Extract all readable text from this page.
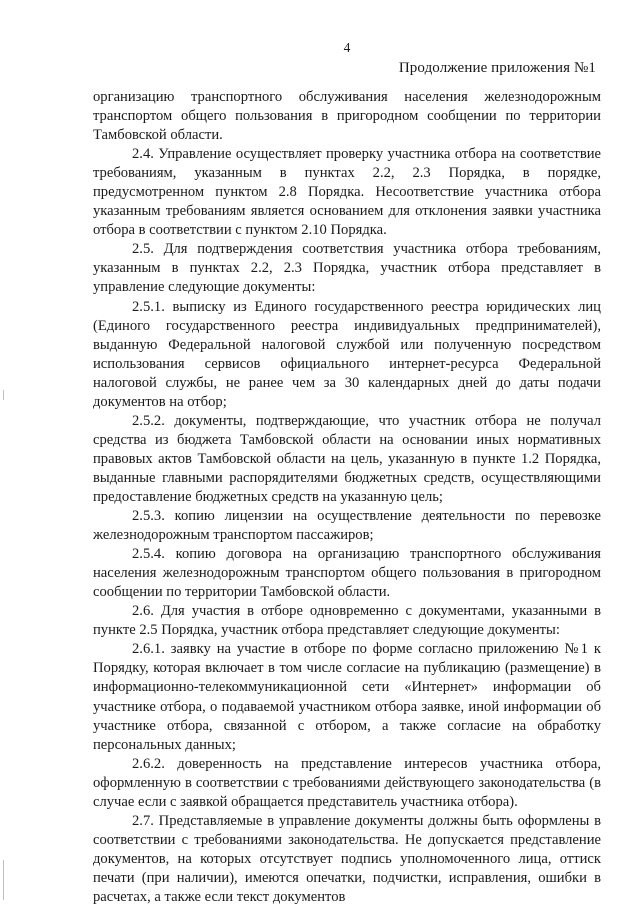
4
Продолжение приложения №1

организацию транспортного обслуживания населения железнодорожным транспортом общего пользования в пригородном сообщении по территории Тамбовской области.

2.4. Управление осуществляет проверку участника отбора на соответствие требованиям, указанным в пунктах 2.2, 2.3 Порядка, в порядке, предусмотренном пунктом 2.8 Порядка. Несоответствие участника отбора указанным требованиям является основанием для отклонения заявки участника отбора в соответствии с пунктом 2.10 Порядка.

2.5. Для подтверждения соответствия участника отбора требованиям, указанным в пунктах 2.2, 2.3 Порядка, участник отбора представляет в управление следующие документы:

2.5.1. выписку из Единого государственного реестра юридических лиц (Единого государственного реестра индивидуальных предпринимателей), выданную Федеральной налоговой службой или полученную посредством использования сервисов официального интернет-ресурса Федеральной налоговой службы, не ранее чем за 30 календарных дней до даты подачи документов на отбор;

2.5.2. документы, подтверждающие, что участник отбора не получал средства из бюджета Тамбовской области на основании иных нормативных правовых актов Тамбовской области на цель, указанную в пункте 1.2 Порядка, выданные главными распорядителями бюджетных средств, осуществляющими предоставление бюджетных средств на указанную цель;

2.5.3. копию лицензии на осуществление деятельности по перевозке железнодорожным транспортом пассажиров;

2.5.4. копию договора на организацию транспортного обслуживания населения железнодорожным транспортом общего пользования в пригородном сообщении по территории Тамбовской области.

2.6. Для участия в отборе одновременно с документами, указанными в пункте 2.5 Порядка, участник отбора представляет следующие документы:

2.6.1. заявку на участие в отборе по форме согласно приложению №1 к Порядку, которая включает в том числе согласие на публикацию (размещение) в информационно-телекоммуникационной сети «Интернет» информации об участнике отбора, о подаваемой участником отбора заявке, иной информации об участнике отбора, связанной с отбором, а также согласие на обработку персональных данных;

2.6.2. доверенность на представление интересов участника отбора, оформленную в соответствии с требованиями действующего законодательства (в случае если с заявкой обращается представитель участника отбора).

2.7. Представляемые в управление документы должны быть оформлены в соответствии с требованиями законодательства. Не допускается представление документов, на которых отсутствует подпись уполномоченного лица, оттиск печати (при наличии), имеются опечатки, подчистки, исправления, ошибки в расчетах, а также если текст документов
